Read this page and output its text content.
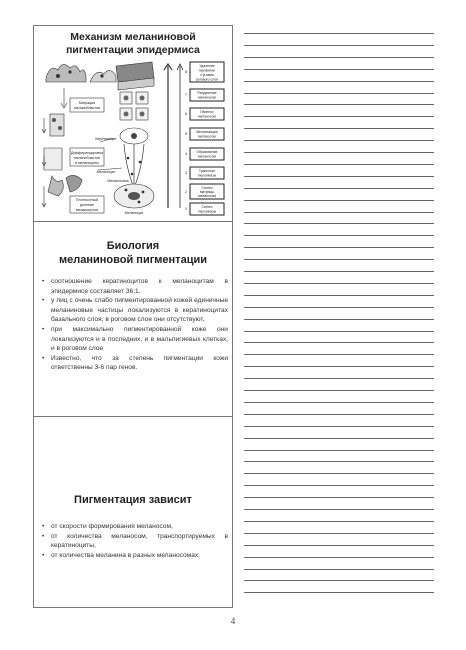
Механизм меланиновой
пигментации эпидермиса
Миграция
меланобластов
Дифференцировка
меланобластов
в меланоциты
Плотностный
деление
меланоцитов
Кератиноцит
Меланоцит
Меланосома
Меланоцит
Удаление
меланина
с углами
рогового слоя
8
Разрушение
меланосом
7
Перенос
меланосом
6
Меланизация
меланосом
5
Образование
меланосом
4
Транспорт
тирозиназы
3
Синтез
матрицы
меланосом
2
Синтез
тирозиназы
1
Биология
меланиновой пигментации
• соотношение кератиноцитов к меланоцитам в эпидермисе составляет 36:1,
• у лиц с очень слабо пигментированной кожей единичные меланиновые частицы локализуются в кератиноцитах базального слоя, в роговом слое они отсутствуют,
• при максимально пигментированной коже они локализуются и в последних, и в мальпигиевых клетках, и в роговом слое
• Известно, что за степень пигментации кожи ответственны 3-6 пар генов.
Пигментация зависит
• от скорости формирования меланосом,
• от количества меланосом, транспортируемых в кератиноциты,
• от количества меланина в разных меланосомах.
4
